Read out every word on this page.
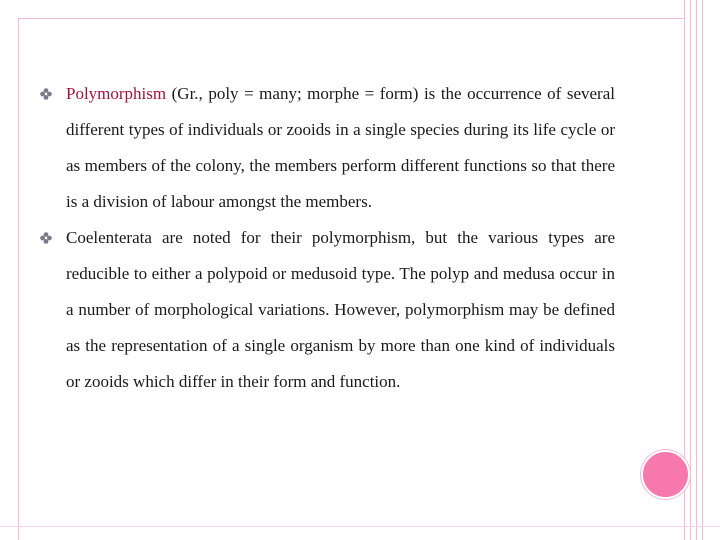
Polymorphism (Gr., poly = many; morphe = form) is the occurrence of several different types of individuals or zooids in a single species during its life cycle or as members of the colony, the members perform different functions so that there is a division of labour amongst the members.
Coelenterata are noted for their polymorphism, but the various types are reducible to either a polypoid or medusoid type. The polyp and medusa occur in a number of morphological variations. However, polymorphism may be defined as the representation of a single organism by more than one kind of individuals or zooids which differ in their form and function.
